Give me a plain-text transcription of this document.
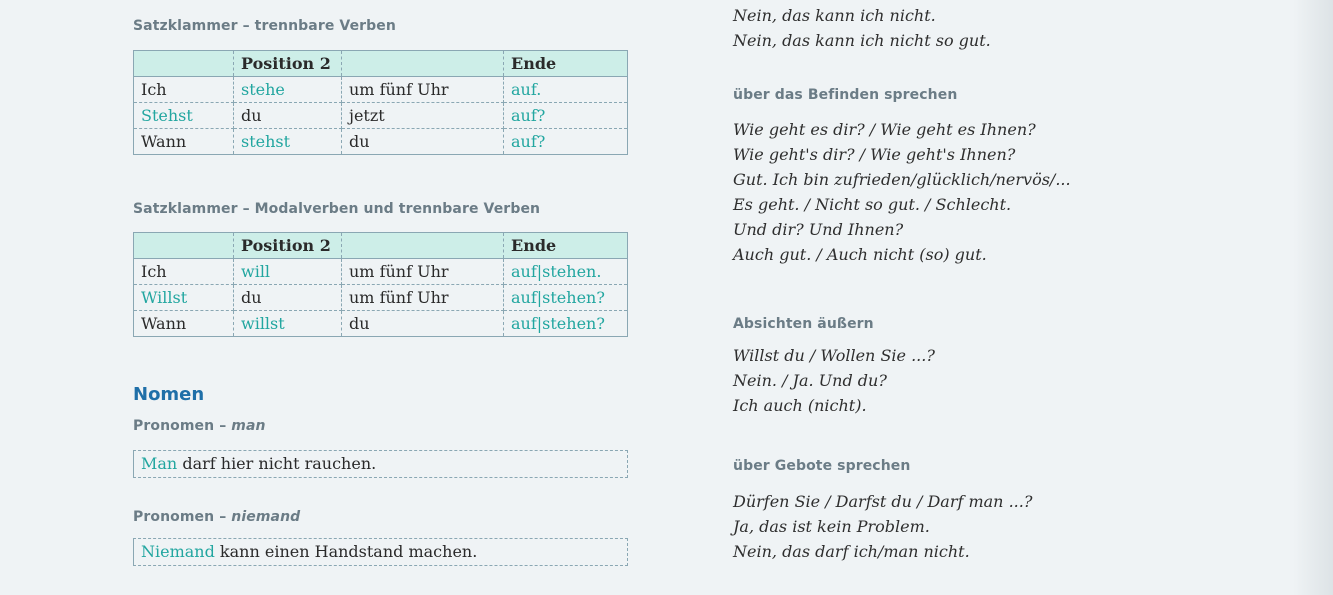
Satzklammer – trennbare Verben
	Position 2		Ende
Ich	stehe	um fünf Uhr	auf.
Stehst	du	jetzt	auf?
Wann	stehst	du	auf?
Satzklammer – Modalverben und trennbare Verben
	Position 2		Ende
Ich	will	um fünf Uhr	auf|stehen.
Willst	du	um fünf Uhr	auf|stehen?
Wann	willst	du	auf|stehen?
Nomen
Pronomen – man
Man darf hier nicht rauchen.
Pronomen – niemand
Niemand kann einen Handstand machen.
Nein, das kann ich nicht.
Nein, das kann ich nicht so gut.
über das Befinden sprechen
Wie geht es dir? / Wie geht es Ihnen?
Wie geht's dir? / Wie geht's Ihnen?
Gut. Ich bin zufrieden/glücklich/nervös/...
Es geht. / Nicht so gut. / Schlecht.
Und dir? Und Ihnen?
Auch gut. / Auch nicht (so) gut.
Absichten äußern
Willst du / Wollen Sie ...?
Nein. / Ja. Und du?
Ich auch (nicht).
über Gebote sprechen
Dürfen Sie / Darfst du / Darf man ...?
Ja, das ist kein Problem.
Nein, das darf ich/man nicht.
